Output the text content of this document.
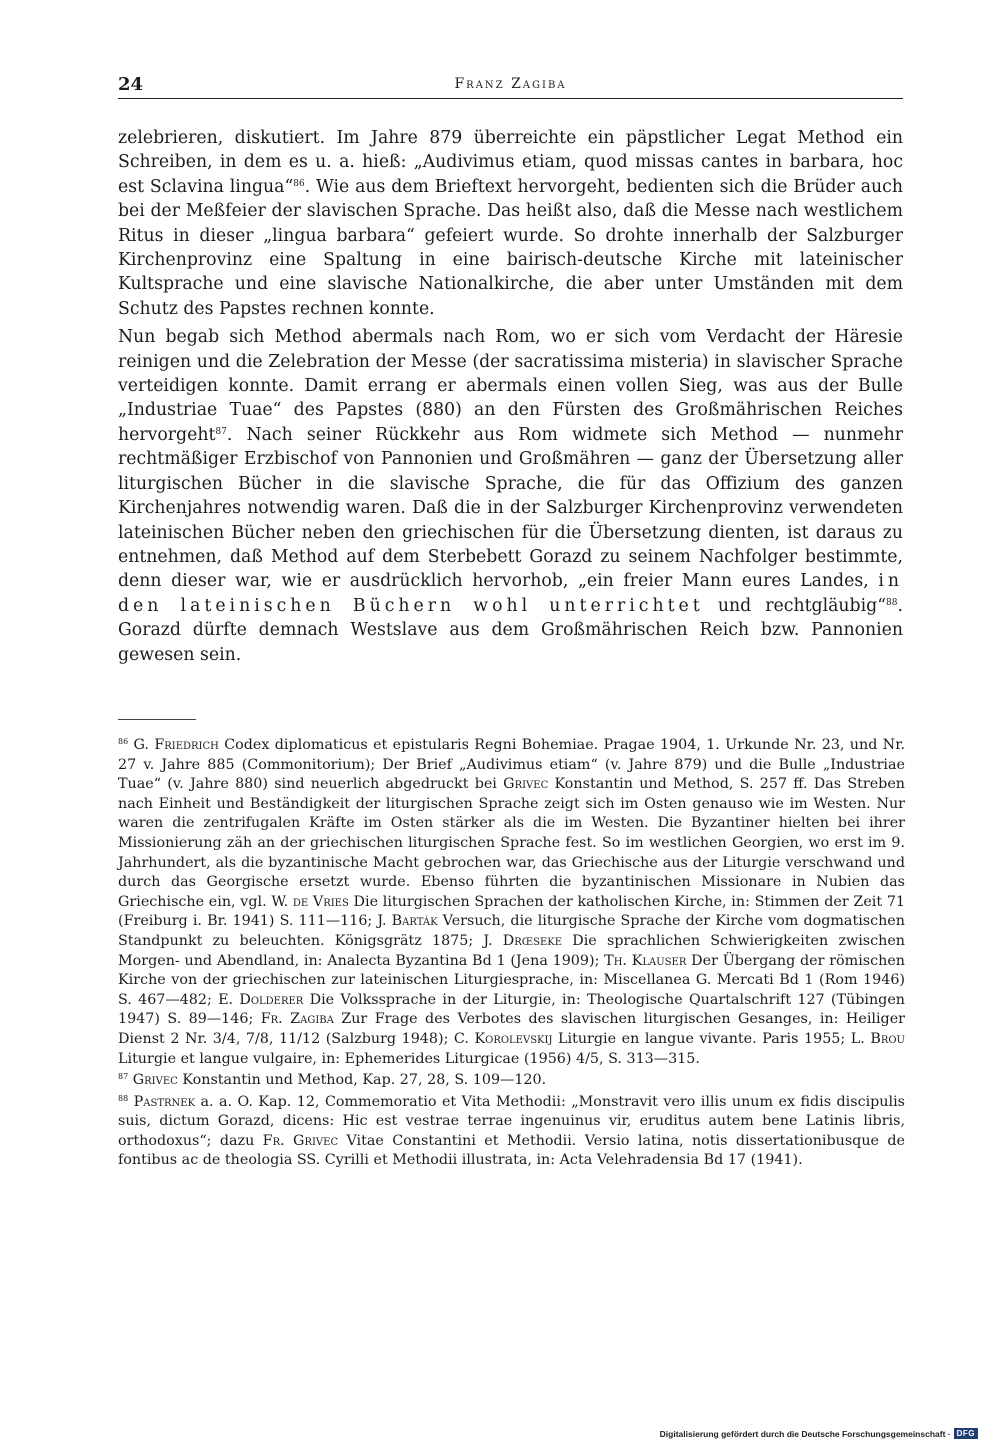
24	Franz Zagiba

zelebrieren, diskutiert. Im Jahre 879 überreichte ein päpstlicher Legat Method ein Schreiben, in dem es u. a. hieß: „Audivimus etiam, quod missas cantes in barbara, hoc est Sclavina lingua“$^{86}$. Wie aus dem Brieftext hervorgeht, bedienten sich die Brüder auch bei der Meßfeier der slavischen Sprache. Das heißt also, daß die Messe nach westlichem Ritus in dieser „lingua barbara“ gefeiert wurde. So drohte innerhalb der Salzburger Kirchenprovinz eine Spaltung in eine bairisch-deutsche Kirche mit lateinischer Kultsprache und eine slavische Nationalkirche, die aber unter Umständen mit dem Schutz des Papstes rechnen konnte.

Nun begab sich Method abermals nach Rom, wo er sich vom Verdacht der Häresie reinigen und die Zelebration der Messe (der sacratissima misteria) in slavischer Sprache verteidigen konnte. Damit errang er abermals einen vollen Sieg, was aus der Bulle „Industriae Tuae“ des Papstes (880) an den Fürsten des Großmährischen Reiches hervorgeht$^{87}$. Nach seiner Rückkehr aus Rom widmete sich Method — nunmehr rechtmäßiger Erzbischof von Pannonien und Großmähren — ganz der Übersetzung aller liturgischen Bücher in die slavische Sprache, die für das Offizium des ganzen Kirchenjahres notwendig waren. Daß die in der Salzburger Kirchenprovinz verwendeten lateinischen Bücher neben den griechischen für die Übersetzung dienten, ist daraus zu entnehmen, daß Method auf dem Sterbebett Gorazd zu seinem Nachfolger bestimmte, denn dieser war, wie er ausdrücklich hervorhob, „ein freier Mann eures Landes, in den lateinischen Büchern wohl unterrichtet und rechtgläubig“$^{88}$. Gorazd dürfte demnach Westslave aus dem Großmährischen Reich bzw. Pannonien gewesen sein.

$^{86}$ G. Friedrich Codex diplomaticus et epistularis Regni Bohemiae. Pragae 1904, 1. Urkunde Nr. 23, und Nr. 27 v. Jahre 885 (Commonitorium); Der Brief „Audivimus etiam“ (v. Jahre 879) und die Bulle „Industriae Tuae“ (v. Jahre 880) sind neuerlich abgedruckt bei Grivec Konstantin und Method, S. 257 ff. Das Streben nach Einheit und Beständigkeit der liturgischen Sprache zeigt sich im Osten genauso wie im Westen. Nur waren die zentrifugalen Kräfte im Osten stärker als die im Westen. Die Byzantiner hielten bei ihrer Missionierung zäh an der griechischen liturgischen Sprache fest. So im westlichen Georgien, wo erst im 9. Jahrhundert, als die byzantinische Macht gebrochen war, das Griechische aus der Liturgie verschwand und durch das Georgische ersetzt wurde. Ebenso führten die byzantinischen Missionare in Nubien das Griechische ein, vgl. W. de Vries Die liturgischen Sprachen der katholischen Kirche, in: Stimmen der Zeit 71 (Freiburg i. Br. 1941) S. 111—116; J. Barták Versuch, die liturgische Sprache der Kirche vom dogmatischen Standpunkt zu beleuchten. Königsgrätz 1875; J. Drœseke Die sprachlichen Schwierigkeiten zwischen Morgen- und Abendland, in: Analecta Byzantina Bd 1 (Jena 1909); Th. Klauser Der Übergang der römischen Kirche von der griechischen zur lateinischen Liturgiesprache, in: Miscellanea G. Mercati Bd 1 (Rom 1946) S. 467—482; E. Dolderer Die Volkssprache in der Liturgie, in: Theologische Quartalschrift 127 (Tübingen 1947) S. 89—146; Fr. Zagiba Zur Frage des Verbotes des slavischen liturgischen Gesanges, in: Heiliger Dienst 2 Nr. 3/4, 7/8, 11/12 (Salzburg 1948); C. Korolevskij Liturgie en langue vivante. Paris 1955; L. Brou Liturgie et langue vulgaire, in: Ephemerides Liturgicae (1956) 4/5, S. 313—315.

$^{87}$ Grivec Konstantin und Method, Kap. 27, 28, S. 109—120.

$^{88}$ Pastrnek a. a. O. Kap. 12, Commemoratio et Vita Methodii: „Monstravit vero illis unum ex fidis discipulis suis, dictum Gorazd, dicens: Hic est vestrae terrae ingenuinus vir, eruditus autem bene Latinis libris, orthodoxus“; dazu Fr. Grivec Vitae Constantini et Methodii. Versio latina, notis dissertationibusque de fontibus ac de theologia SS. Cyrilli et Methodii illustrata, in: Acta Velehradensia Bd 17 (1941).

Digitalisierung gefördert durch die Deutsche Forschungsgemeinschaft · DFG
